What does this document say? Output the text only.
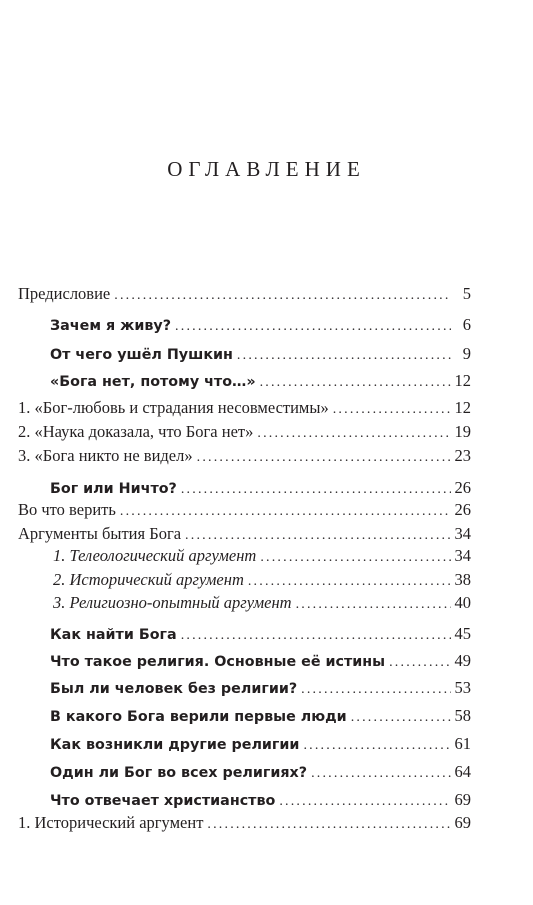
ОГЛАВЛЕНИЕ
Предисловие .....	5
Зачем я живу? .....	6
От чего ушёл Пушкин .....	9
«Бога нет, потому что…» .....	12
1. «Бог-любовь и страдания несовместимы» .....	12
2. «Наука доказала, что Бога нет» .....	19
3. «Бога никто не видел» .....	23
Бог или Ничто? .....	26
Во что верить .....	26
Аргументы бытия Бога .....	34
1. Телеологический аргумент .....	34
2. Исторический аргумент .....	38
3. Религиозно-опытный аргумент .....	40
Как найти Бога .....	45
Что такое религия. Основные её истины .....	49
Был ли человек без религии? .....	53
В какого Бога верили первые люди .....	58
Как возникли другие религии .....	61
Один ли Бог во всех религиях? .....	64
Что отвечает христианство .....	69
1. Исторический аргумент .....	69
